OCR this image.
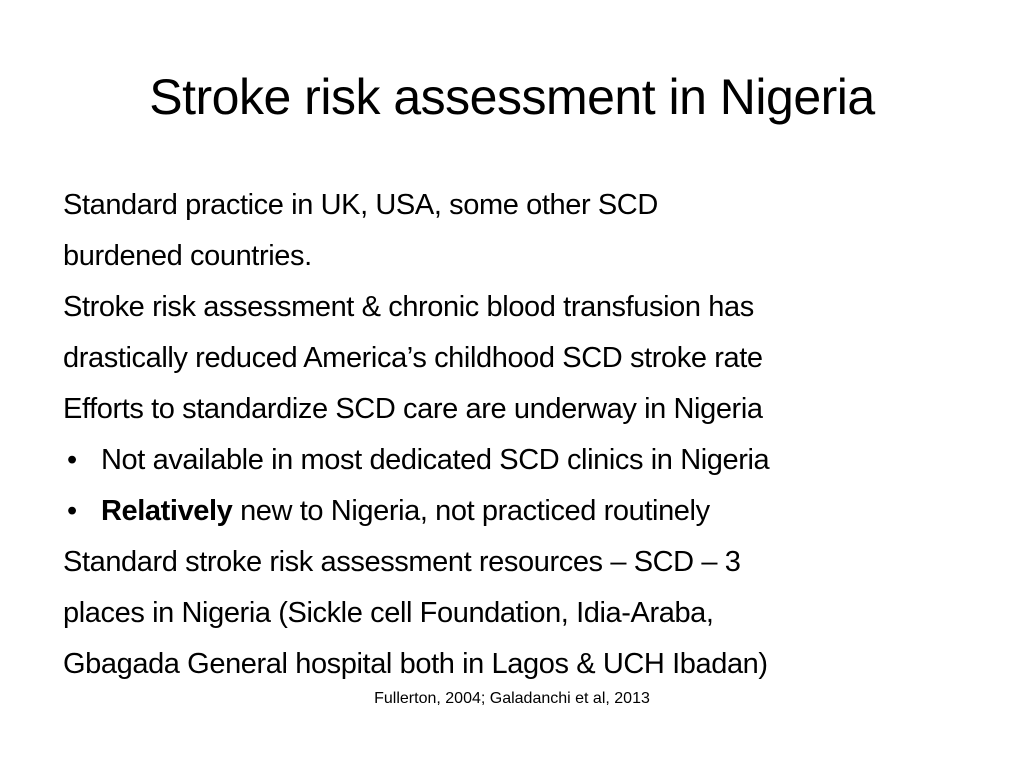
Stroke risk assessment in Nigeria
Standard practice in UK, USA, some other SCD
burdened countries.
Stroke risk assessment & chronic blood transfusion has
drastically reduced America’s childhood SCD stroke rate
Efforts to standardize SCD care are underway in Nigeria
• Not available in most dedicated SCD clinics in Nigeria
• Relatively new to Nigeria, not practiced routinely
Standard stroke risk assessment resources – SCD – 3
places in Nigeria (Sickle cell Foundation, Idia-Araba,
Gbagada General hospital both in Lagos & UCH Ibadan)
Fullerton, 2004; Galadanchi et al, 2013
